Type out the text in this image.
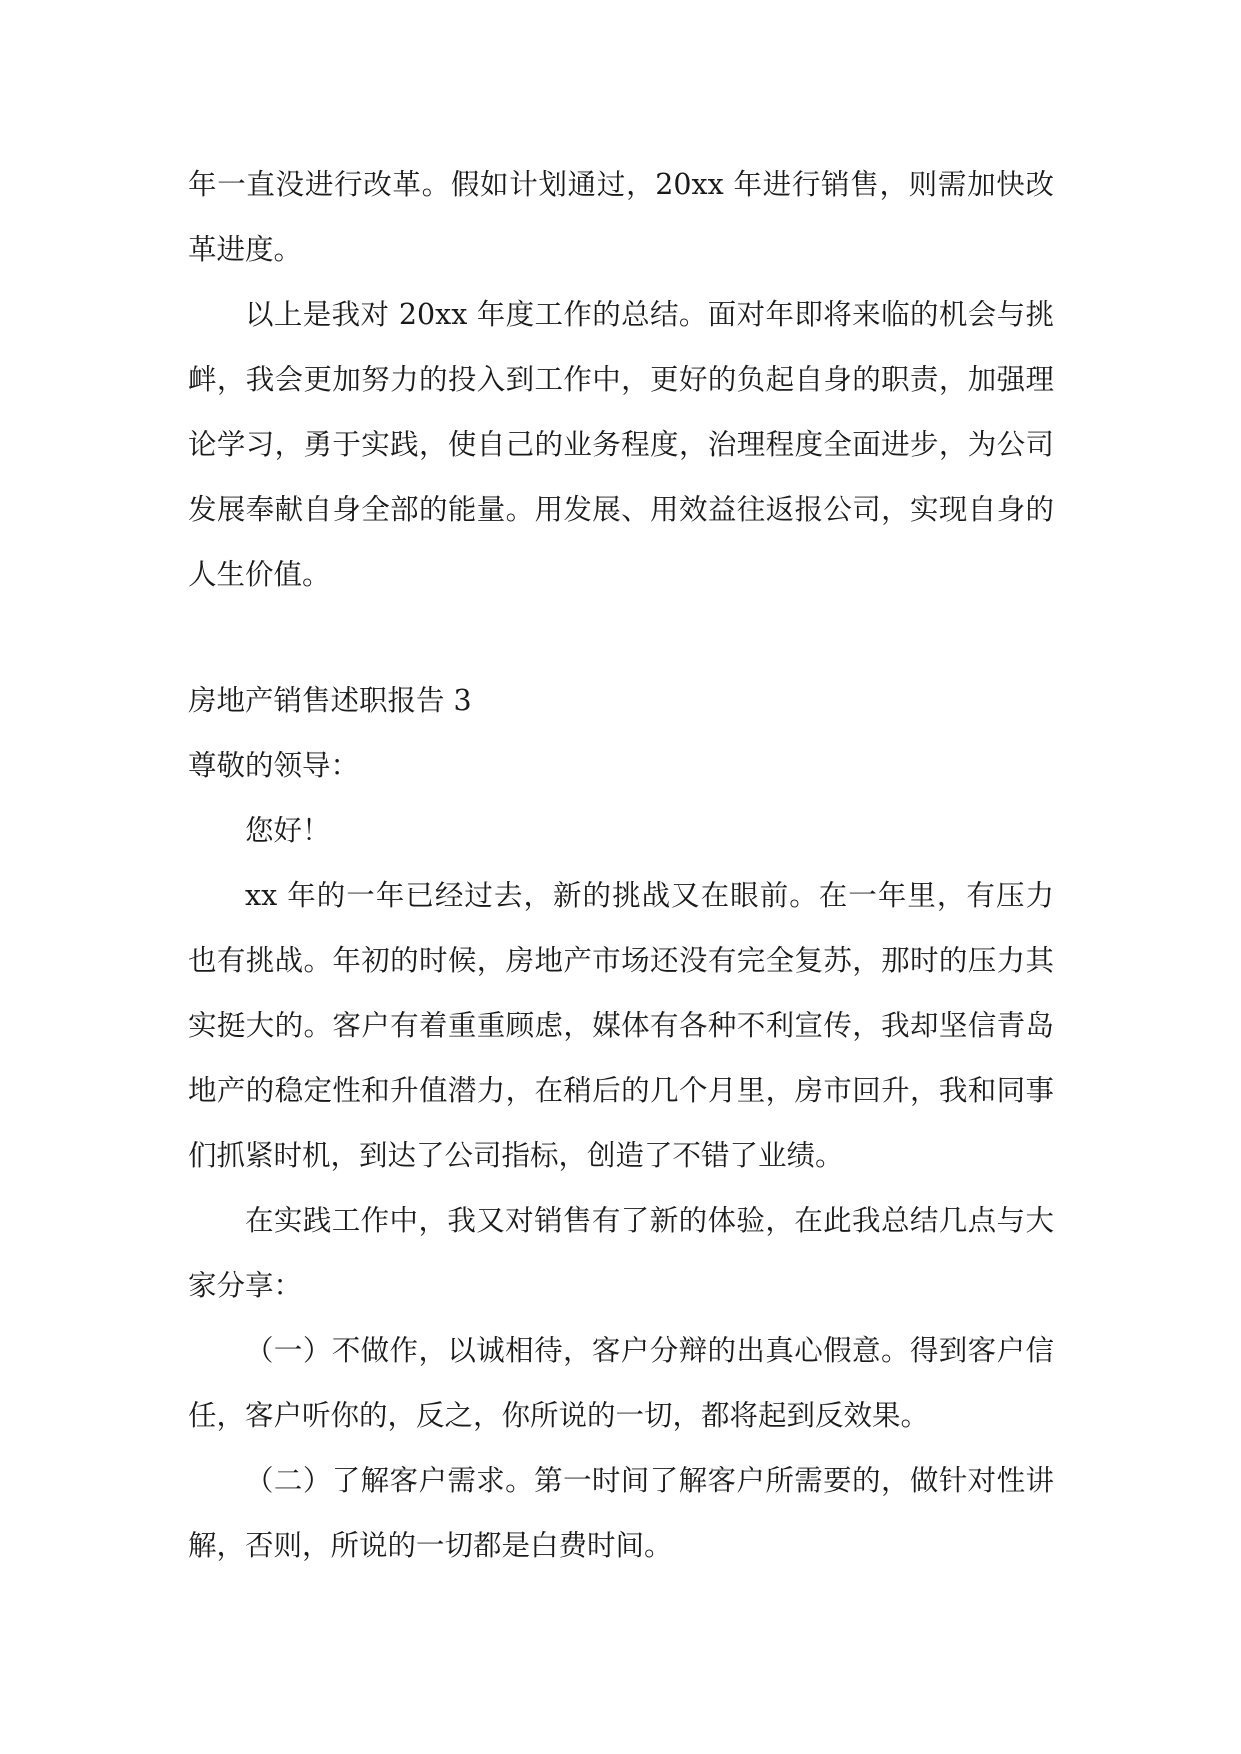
年一直没进行改革。假如计划通过，20xx 年进行销售，则需加快改革进度。

以上是我对 20xx 年度工作的总结。面对年即将来临的机会与挑衅，我会更加努力的投入到工作中，更好的负起自身的职责，加强理论学习，勇于实践，使自己的业务程度，治理程度全面进步，为公司发展奉献自身全部的能量。用发展、用效益往返报公司，实现自身的人生价值。

房地产销售述职报告 3

尊敬的领导：

您好！

xx 年的一年已经过去，新的挑战又在眼前。在一年里，有压力也有挑战。年初的时候，房地产市场还没有完全复苏，那时的压力其实挺大的。客户有着重重顾虑，媒体有各种不利宣传，我却坚信青岛地产的稳定性和升值潜力，在稍后的几个月里，房市回升，我和同事们抓紧时机，到达了公司指标，创造了不错了业绩。

在实践工作中，我又对销售有了新的体验，在此我总结几点与大家分享：

（一）不做作，以诚相待，客户分辩的出真心假意。得到客户信任，客户听你的，反之，你所说的一切，都将起到反效果。

（二）了解客户需求。第一时间了解客户所需要的，做针对性讲解，否则，所说的一切都是白费时间。
